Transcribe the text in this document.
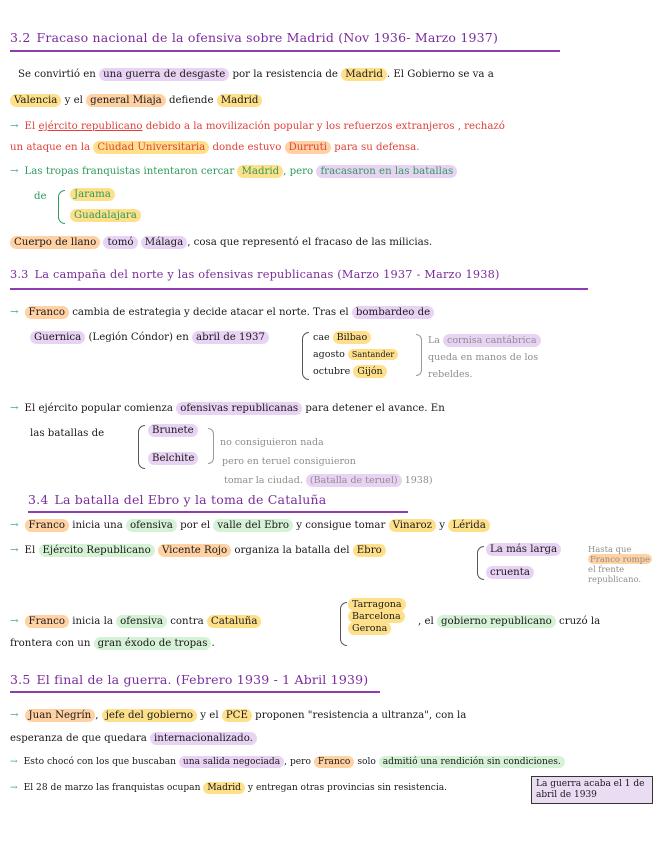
3.2 Fracaso nacional de la ofensiva sobre Madrid (Nov 1936- Marzo 1937)
Se convirtió en una guerra de desgaste por la resistencia de Madrid . El Gobierno se va a
Valencia y el general Miaja defiende Madrid
→ El ejército republicano debido a la movilización popular y los refuerzos extranjeros , rechazó
un ataque en la Ciudad Universitaria donde estuvo Durruti para su defensa.
→ Las tropas franquistas intentaron cercar Madrid , pero fracasaron en las batallas
de	Jarama
Guadalajara
Cuerpo de llano tomó Málaga , cosa que representó el fracaso de las milicias.
3.3 La campaña del norte y las ofensivas republicanas (Marzo 1937 - Marzo 1938)
→ Franco cambia de estrategia y decide atacar el norte. Tras el bombardeo de
Guernica (Legión Cóndor) en abril de 1937	cae Bilbao
agosto Santander
octubre Gijón
La cornisa cantábrica
queda en manos de los
rebeldes.
→ El ejército popular comienza ofensivas republicanas para detener el avance. En
las batallas de	Brunete
Belchite
no consiguieron nada
pero en teruel consiguieron
tomar la ciudad. (Batalla de teruel) 1938)
3.4 La batalla del Ebro y la toma de Cataluña
→ Franco inicia una ofensiva por el valle del Ebro y consigue tomar Vinaroz y Lérida
→ El Ejército Republicano Vicente Rojo organiza la batalla del Ebro	La más larga
cruenta
Hasta que
Franco rompe
el frente
republicano.
→ Franco inicia la ofensiva contra Cataluña
Tarragona
Barcelona
Gerona
, el gobierno republicano cruzó la
frontera con un gran éxodo de tropas .
3.5 El final de la guerra. (Febrero 1939 - 1 Abril 1939)
→ Juan Negrín , jefe del gobierno y el PCE proponen "resistencia a ultranza", con la
esperanza de que quedara internacionalizado.
→ Esto chocó con los que buscaban una salida negociada , pero Franco solo admitió una rendición sin condiciones.
→ El 28 de marzo las franquistas ocupan Madrid y entregan otras provincias sin resistencia.	La guerra acaba el 1 de abril de 1939
